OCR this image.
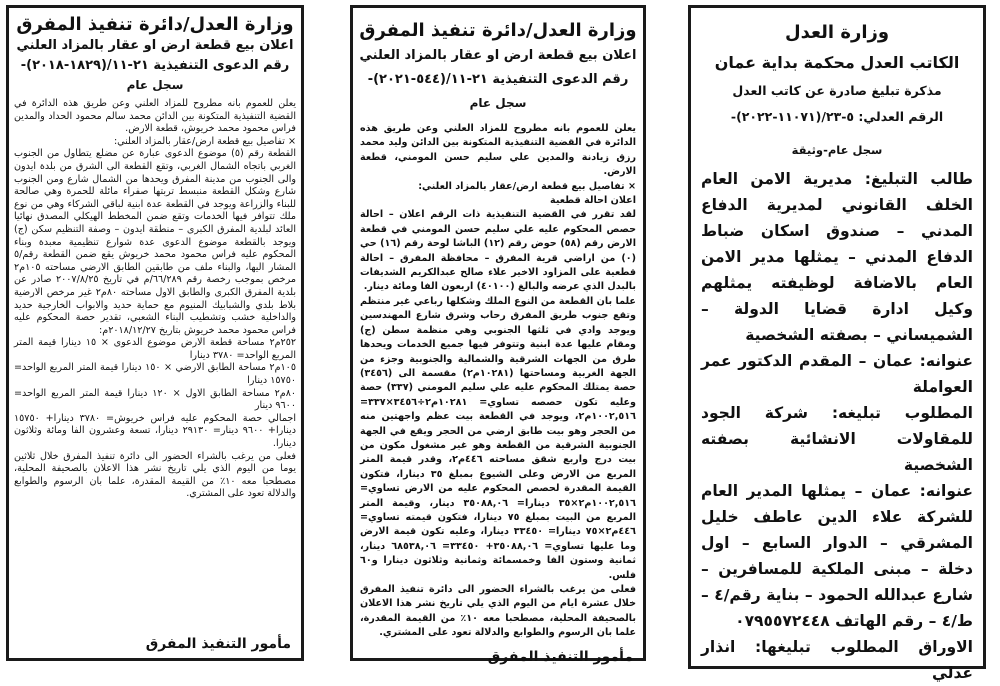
وزارة العدل/دائرة تنفيذ المفرق
اعلان بيع قطعة ارض او عقار بالمزاد العلني
رقم الدعوى التنفيذية ٢١-١١/(١٨٢٩-٢٠١٨)-
سجل عام

يعلن للعموم بانه مطروح للمزاد العلني وعن طريق هذه الدائرة في القضية التنفيذية المتكونة بين الدائن محمد سالم محمود الحداد والمدين فراس محمود محمد خريوش، قطعة الارض.

× تفاصيل بيع قطعة ارض/عقار بالمزاد العلني:

القطعة رقم (٥) موضوع الدعوى عبارة عن مضلع يتطاول من الجنوب الغربي باتجاه الشمال الغربي، وتقع القطعة الى الشرق من بلدة ايدون والى الجنوب من مدينة المفرق ويحدها من الشمال شارع ومن الجنوب شارع وشكل القطعة منبسط تربتها صفراء مائلة للحمرة وهي صالحة للبناء والزراعة ويوجد في القطعة عدة ابنية لباقي الشركاء وهي من نوع ملك تتوافر فيها الخدمات وتقع ضمن المخطط الهيكلي المصدق نهائيا العائد لبلدية المفرق الكبرى – منطقة ايدون – وصفة التنظيم سكن (ج) ويوجد بالقطعة موضوع الدعوى عدة شوارع تنظيمية معبدة وبناء المحكوم عليه فراس محمود محمد خريوش يقع ضمن القطعة رقم/٥ المشار اليها، والبناء ملف من طابقين الطابق الارضي مساحته ١٠٥م٢ مرخص بموجب رخصة رقم ٦٦/٢٨٩/م في تاريخ ٢٠٠٧/٨/٢٥ صادر عن بلدية المفرق الكبرى والطابق الاول مساحته ٨٠م٢ غير مرخص الارضية بلاط بلدي والشبابيك المنيوم مع حماية حديد والابواب الخارجية حديد والداخلية خشب وتشطيب البناء الشعبي، تقدير حصة المحكوم عليه فراس محمود محمد خريوش بتاريخ ٢٠١٨/١٢/٢٧م:

٢٥٢م٢ مساحة قطعة الارض موضوع الدعوى × ١٥ دينارا قيمة المتر المربع الواحد= ٣٧٨٠ دينارا

١٠٥م٢ مساحة الطابق الارضي × ١٥٠ دينارا قيمة المتر المربع الواحد= ١٥٧٥٠ دينارا

٨٠م٢ مساحة الطابق الاول × ١٢٠ دينارا قيمة المتر المربع الواحد= ٩٦٠٠ دينار

اجمالي حصة المحكوم عليه فراس خريوش= ٣٧٨٠ دينارا+ ١٥٧٥٠ دينارا+ ٩٦٠٠ دينار= ٢٩١٣٠ دينارا، تسعة وعشرون الفا ومائة وثلاثون دينارا.

فعلى من يرغب بالشراء الحضور الى دائرة تنفيذ المفرق خلال ثلاثين يوما من اليوم الذي يلي تاريخ نشر هذا الاعلان بالصحيفة المحلية، مصطحبا معه ١٠٪ من القيمة المقدرة، علما بان الرسوم والطوابع والدلالة تعود على المشتري.

مأمور التنفيذ المفرق
وزارة العدل/دائرة تنفيذ المفرق
اعلان بيع قطعة ارض او عقار بالمزاد العلني
رقم الدعوى التنفيذية ٢١-١١/(٥٤٤-٢٠٢١)-
سجل عام

يعلن للعموم بانه مطروح للمزاد العلني وعن طريق هذه الدائرة في القضية التنفيذية المتكونة بين الدائن وليد محمد رزق زيادنة والمدين علي سليم حسن المومني، قطعة الارض.

× تفاصيل بيع قطعة ارض/عقار بالمزاد العلني:

اعلان احالة قطعية

لقد تقرر في القضية التنفيذية ذات الرقم اعلان – احالة حصص المحكوم عليه علي سليم حسن المومني في قطعة الارض رقم (٥٨) حوض رقم (١٢) الباشا لوحة رقم (١٦) حي (٠) من اراضي قرية المفرق – محافظة المفرق – احالة قطعية على المزاود الاخير علاء صالح عبدالكريم الشديفات بالبدل الذي عرضه والبالغ (٤٠١٠٠) اربعون الفا ومائة دينار.

علما بان القطعة من النوع الملك وشكلها رباعي غير منتظم وتقع جنوب طريق المفرق رحاب وشرق شارع المهندسين ويوجد وادي في ثلثها الجنوبي وهي منظمة سطن (ج) ومقام عليها عدة ابنية وتتوفر فيها جميع الخدمات ويحدها طرق من الجهات الشرقية والشمالية والجنوبية وجزء من الجهة الغربية ومساحتها (١٠٢٨١م٢) مقسمة الى (٣٤٥٦) حصة يمتلك المحكوم عليه علي سليم المومني (٣٣٧) حصة وعليه تكون حصصه تساوي= ١٠٢٨١م٢÷٣٤٥٦×٣٣٧= ١٠٠٢,٥١٦م٢، ويوجد في القطعة بيت عظم واجهتين منه من الحجر وهو بيت طابق ارضي من الحجر ويقع في الجهة الجنوبية الشرقية من القطعة وهو غير مشغول مكون من بيت درج واربع شقق مساحته ٤٤٦م٢، وقدر قيمة المتر المربع من الارض وعلى الشيوع بمبلغ ٣٥ دينارا، فتكون القيمة المقدرة لحصص المحكوم عليه من الارض تساوي= ١٠٠٢,٥١٦م٢×٣٥ دينارا= ٣٥٠٨٨,٠٦ دينار، وقيمة المتر المربع من البيت بمبلغ ٧٥ دينارا، فتكون قيمته تساوي= ٤٤٦م٢×٧٥ دينارا= ٣٣٤٥٠ دينارا، وعليه تكون قيمة الارض وما عليها تساوي= ٣٥٠٨٨,٠٦+ ٣٣٤٥٠= ٦٨٥٣٨,٠٦ دينار، ثمانية وستون الفا وخمسمائة وثمانية وثلاثون دينارا و٦٠ فلس.

فعلى من يرغب بالشراء الحضور الى دائرة تنفيذ المفرق خلال عشرة ايام من اليوم الذي يلي تاريخ نشر هذا الاعلان بالصحيفة المحلية، مصطحبا معه ١٠٪ من القيمة المقدرة، علما بان الرسوم والطوابع والدلالة تعود على المشتري.

مأمور التنفيذ المفرق
وزارة العدل
الكاتب العدل محكمة بداية عمان
مذكرة تبليغ صادرة عن كاتب العدل
الرقم العدلي: ٥-٢٣/(١١٠٧١-٢٠٢٢)-
سجل عام-وثيقة

طالب التبليغ: مديرية الامن العام الخلف القانوني لمديرية الدفاع المدني – صندوق اسكان ضباط الدفاع المدني – يمثلها مدير الامن العام بالاضافة لوظيفته يمثلهم وكيل ادارة قضايا الدولة – الشميساني – بصفته الشخصية

عنوانه: عمان – المقدم الدكتور عمر العواملة

المطلوب تبليغه: شركة الجود للمقاولات الانشائية بصفته الشخصية

عنوانه: عمان – يمثلها المدير العام للشركة علاء الدين عاطف خليل المشرقي – الدوار السابع – اول دخلة – مبنى الملكية للمسافرين – شارع عبدالله الحمود – بناية رقم/٤ – ط/٤ – رقم الهاتف ٠٧٩٥٥٧٢٤٤٨

الاوراق المطلوب تبليغها: انذار عدلي
